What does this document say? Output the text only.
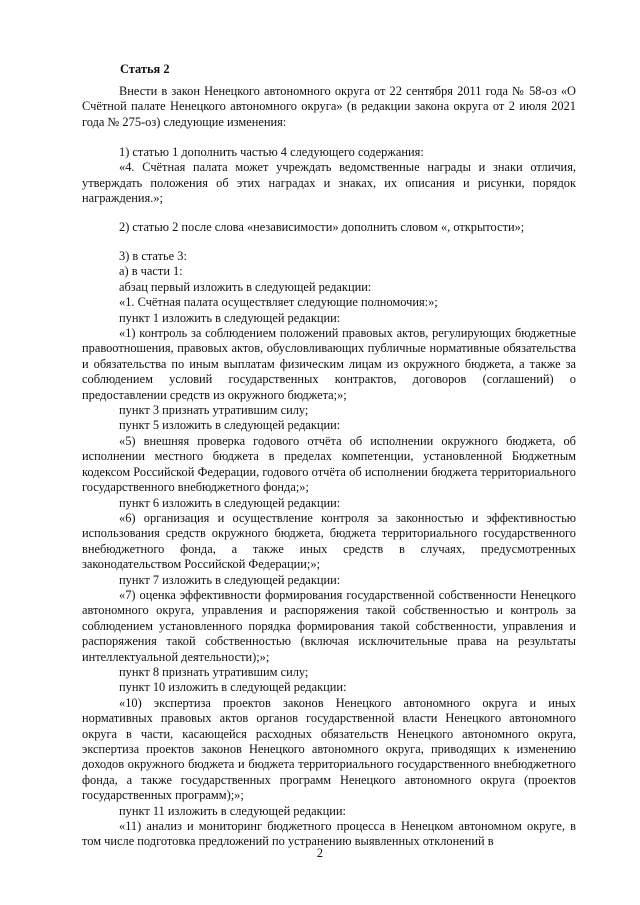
Статья 2

Внести в закон Ненецкого автономного округа от 22 сентября 2011 года № 58-оз «О Счётной палате Ненецкого автономного округа» (в редакции закона округа от 2 июля 2021 года № 275-оз) следующие изменения:

1) статью 1 дополнить частью 4 следующего содержания:

«4. Счётная палата может учреждать ведомственные награды и знаки отличия, утверждать положения об этих наградах и знаках, их описания и рисунки, порядок награждения.»;

2) статью 2 после слова «независимости» дополнить словом «, открытости»;

3) в статье 3:

а) в части 1:

абзац первый изложить в следующей редакции:

«1. Счётная палата осуществляет следующие полномочия:»;

пункт 1 изложить в следующей редакции:

«1) контроль за соблюдением положений правовых актов, регулирующих бюджетные правоотношения, правовых актов, обусловливающих публичные нормативные обязательства и обязательства по иным выплатам физическим лицам из окружного бюджета, а также за соблюдением условий государственных контрактов, договоров (соглашений) о предоставлении средств из окружного бюджета;»;

пункт 3 признать утратившим силу;

пункт 5 изложить в следующей редакции:

«5) внешняя проверка годового отчёта об исполнении окружного бюджета, об исполнении местного бюджета в пределах компетенции, установленной Бюджетным кодексом Российской Федерации, годового отчёта об исполнении бюджета территориального государственного внебюджетного фонда;»;

пункт 6 изложить в следующей редакции:

«6) организация и осуществление контроля за законностью и эффективностью использования средств окружного бюджета, бюджета территориального государственного внебюджетного фонда, а также иных средств в случаях, предусмотренных законодательством Российской Федерации;»;

пункт 7 изложить в следующей редакции:

«7) оценка эффективности формирования государственной собственности Ненецкого автономного округа, управления и распоряжения такой собственностью и контроль за соблюдением установленного порядка формирования такой собственности, управления и распоряжения такой собственностью (включая исключительные права на результаты интеллектуальной деятельности);»;

пункт 8 признать утратившим силу;

пункт 10 изложить в следующей редакции:

«10) экспертиза проектов законов Ненецкого автономного округа и иных нормативных правовых актов органов государственной власти Ненецкого автономного округа в части, касающейся расходных обязательств Ненецкого автономного округа, экспертиза проектов законов Ненецкого автономного округа, приводящих к изменению доходов окружного бюджета и бюджета территориального государственного внебюджетного фонда, а также государственных программ Ненецкого автономного округа (проектов государственных программ);»;

пункт 11 изложить в следующей редакции:

«11) анализ и мониторинг бюджетного процесса в Ненецком автономном округе, в том числе подготовка предложений по устранению выявленных отклонений в

2
